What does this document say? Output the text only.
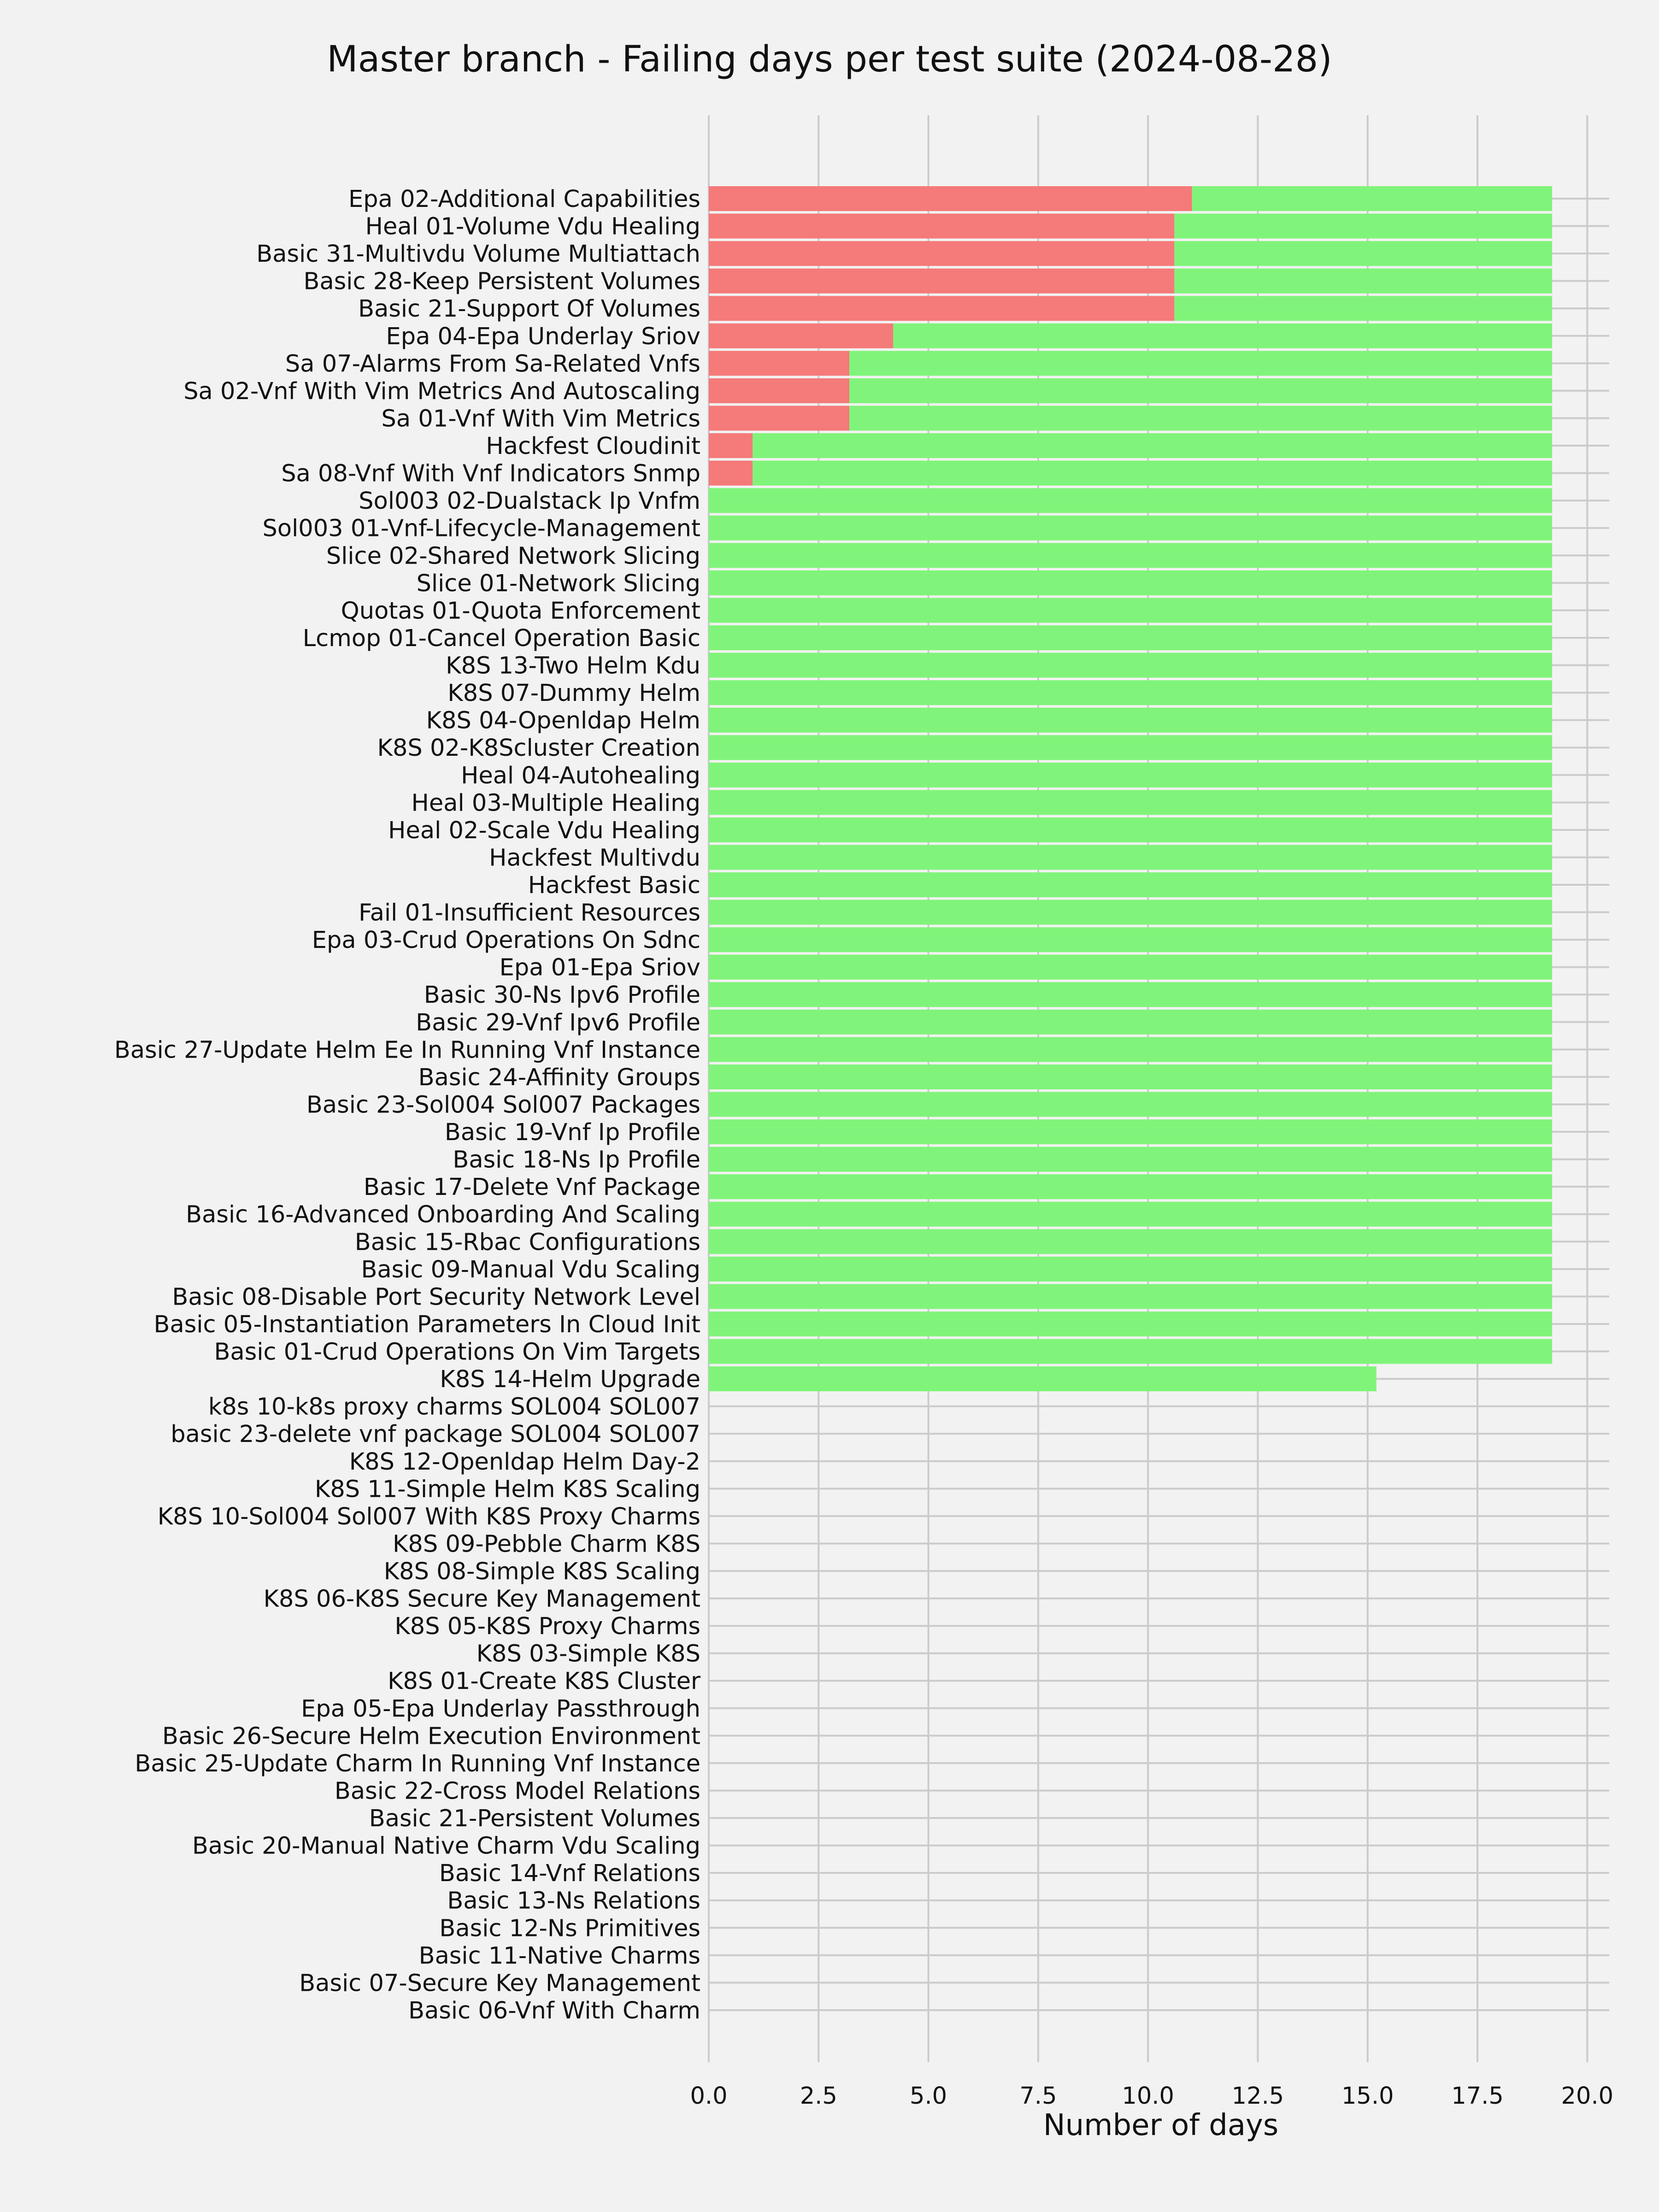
Master branch - Failing days per test suite (2024-08-28)
Epa 02-Additional Capabilities
Heal 01-Volume Vdu Healing
Basic 31-Multivdu Volume Multiattach
Basic 28-Keep Persistent Volumes
Basic 21-Support Of Volumes
Epa 04-Epa Underlay Sriov
Sa 07-Alarms From Sa-Related Vnfs
Sa 02-Vnf With Vim Metrics And Autoscaling
Sa 01-Vnf With Vim Metrics
Hackfest Cloudinit
Sa 08-Vnf With Vnf Indicators Snmp
Sol003 02-Dualstack Ip Vnfm
Sol003 01-Vnf-Lifecycle-Management
Slice 02-Shared Network Slicing
Slice 01-Network Slicing
Quotas 01-Quota Enforcement
Lcmop 01-Cancel Operation Basic
K8S 13-Two Helm Kdu
K8S 07-Dummy Helm
K8S 04-Openldap Helm
K8S 02-K8Scluster Creation
Heal 04-Autohealing
Heal 03-Multiple Healing
Heal 02-Scale Vdu Healing
Hackfest Multivdu
Hackfest Basic
Fail 01-Insufficient Resources
Epa 03-Crud Operations On Sdnc
Epa 01-Epa Sriov
Basic 30-Ns Ipv6 Profile
Basic 29-Vnf Ipv6 Profile
Basic 27-Update Helm Ee In Running Vnf Instance
Basic 24-Affinity Groups
Basic 23-Sol004 Sol007 Packages
Basic 19-Vnf Ip Profile
Basic 18-Ns Ip Profile
Basic 17-Delete Vnf Package
Basic 16-Advanced Onboarding And Scaling
Basic 15-Rbac Configurations
Basic 09-Manual Vdu Scaling
Basic 08-Disable Port Security Network Level
Basic 05-Instantiation Parameters In Cloud Init
Basic 01-Crud Operations On Vim Targets
K8S 14-Helm Upgrade
k8s 10-k8s proxy charms SOL004 SOL007
basic 23-delete vnf package SOL004 SOL007
K8S 12-Openldap Helm Day-2
K8S 11-Simple Helm K8S Scaling
K8S 10-Sol004 Sol007 With K8S Proxy Charms
K8S 09-Pebble Charm K8S
K8S 08-Simple K8S Scaling
K8S 06-K8S Secure Key Management
K8S 05-K8S Proxy Charms
K8S 03-Simple K8S
K8S 01-Create K8S Cluster
Epa 05-Epa Underlay Passthrough
Basic 26-Secure Helm Execution Environment
Basic 25-Update Charm In Running Vnf Instance
Basic 22-Cross Model Relations
Basic 21-Persistent Volumes
Basic 20-Manual Native Charm Vdu Scaling
Basic 14-Vnf Relations
Basic 13-Ns Relations
Basic 12-Ns Primitives
Basic 11-Native Charms
Basic 07-Secure Key Management
Basic 06-Vnf With Charm
0.0	2.5	5.0	7.5	10.0 12.5 15.0 17.5 20.0
Number of days
